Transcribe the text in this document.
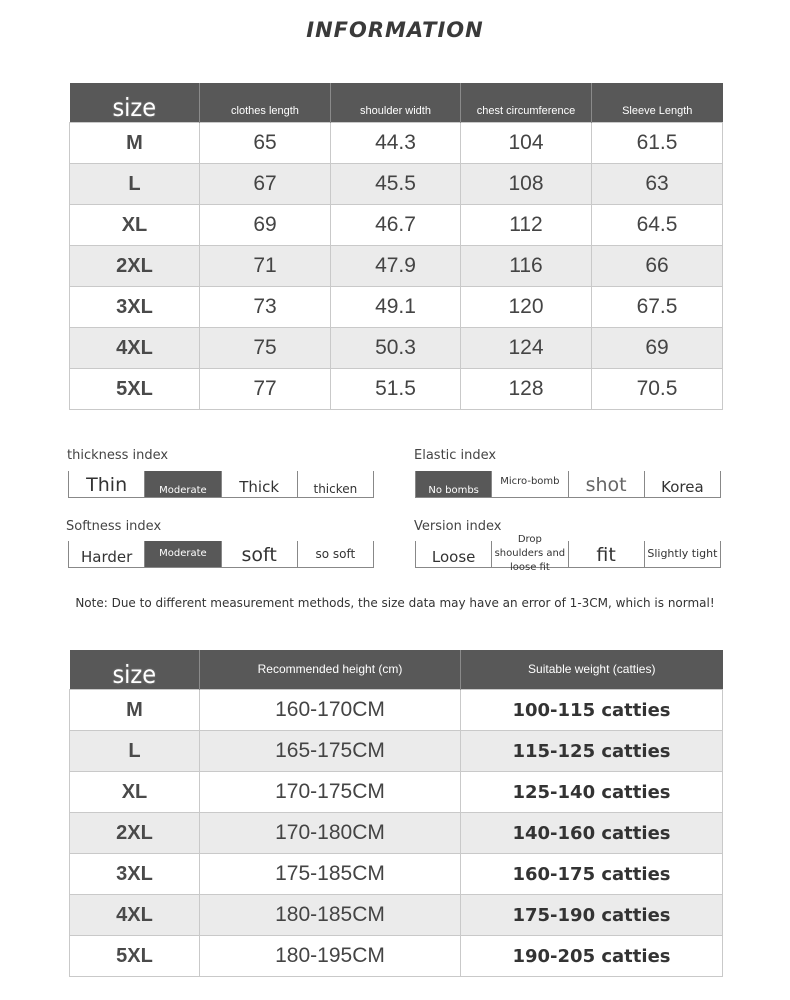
INFORMATION
size	clothes length	shoulder width	chest circumference	Sleeve Length

M	65	44.3	104	61.5
L	67	45.5	108	63
XL	69	46.7	112	64.5
2XL	71	47.9	116	66
3XL	73	49.1	120	67.5
4XL	75	50.3	124	69
5XL	77	51.5	128	70.5
thickness index
Thin	Moderate	Thick	thicken
Elastic index
No bombs
Micro-bomb	shot	Korea
Softness index
Harder	Moderate	soft	so soft
Version index
Loose
Drop shoulders and loose fit
fit	Slightly tight
Note: Due to different measurement methods, the size data may have an error of 1-3CM, which is normal!
size	Recommended height (cm)	Suitable weight (catties)

M	160-170CM	100-115 catties
L	165-175CM	115-125 catties
XL	170-175CM	125-140 catties
2XL	170-180CM	140-160 catties
3XL	175-185CM	160-175 catties
4XL	180-185CM	175-190 catties
5XL	180-195CM	190-205 catties
